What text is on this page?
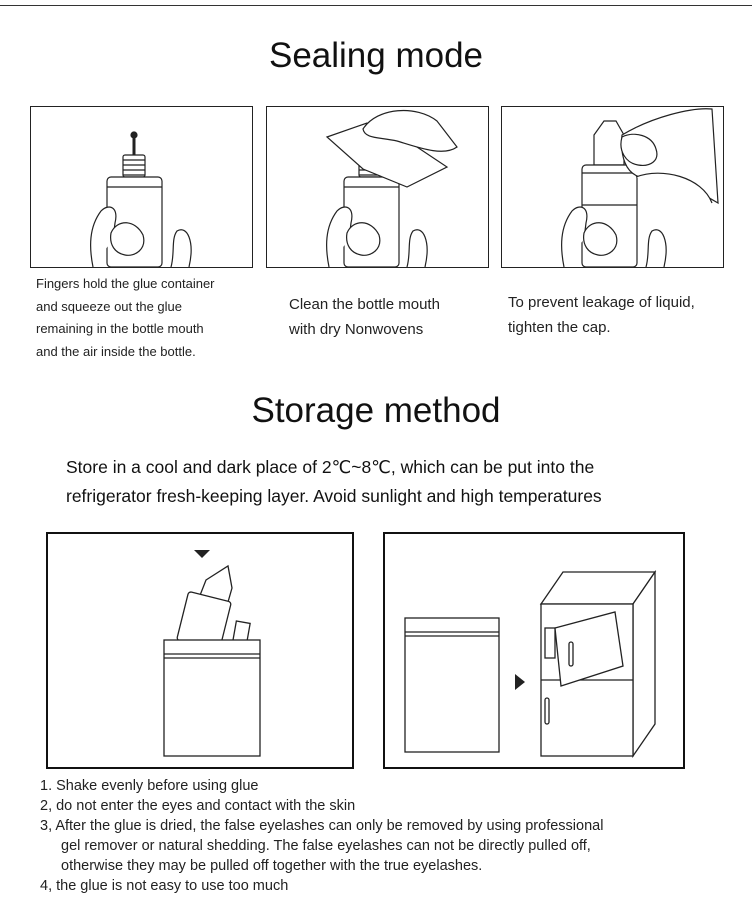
Sealing mode
Fingers hold the glue container
and squeeze out the glue
remaining in the bottle mouth
and the air inside the bottle.
Clean the bottle mouth
with dry Nonwovens
To prevent leakage of liquid,
tighten the cap.
Storage method
Store in a cool and dark place of 2℃~8℃, which can be put into the
refrigerator fresh-keeping layer. Avoid sunlight and high temperatures
1. Shake evenly before using glue
2, do not enter the eyes and contact with the skin
3, After the glue is dried, the false eyelashes can only be removed by using professional
gel remover or natural shedding. The false eyelashes can not be directly pulled off,
otherwise they may be pulled off together with the true eyelashes.
4, the glue is not easy to use too much
